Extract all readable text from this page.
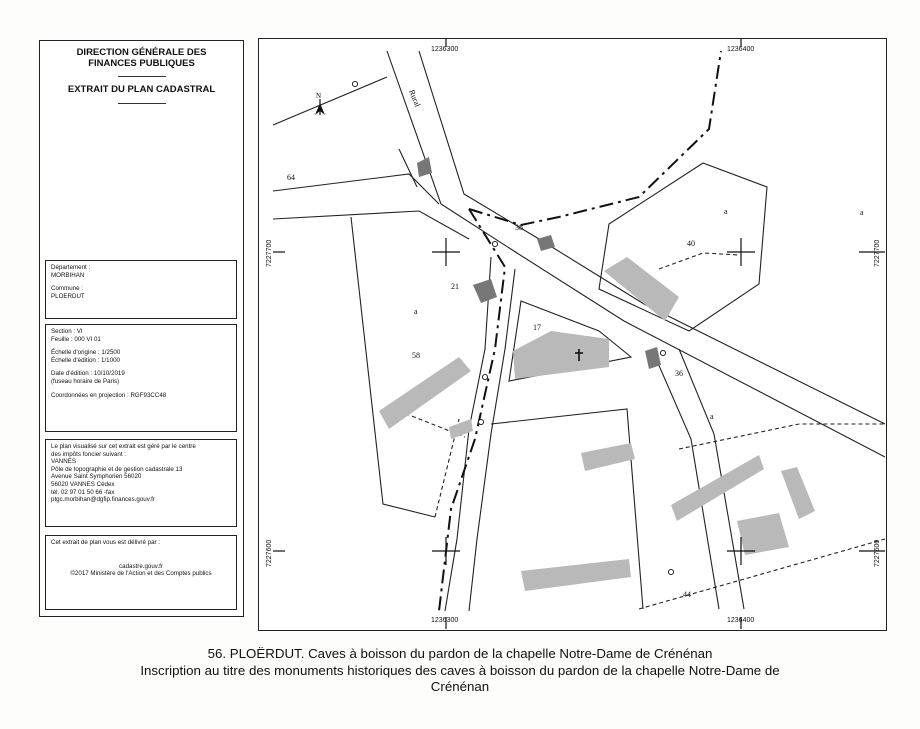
DIRECTION GÉNÉRALE DES
FINANCES PUBLIQUES
EXTRAIT DU PLAN CADASTRAL

Département :

MORBIHAN

Commune :

PLOERDUT

Section : VI

Feuille : 000 VI 01

Échelle d'origine : 1/2500

Échelle d'édition : 1/1000

Date d'édition : 10/10/2019

(fuseau horaire de Paris)

Coordonnées en projection : RGF93CC48

Le plan visualisé sur cet extrait est géré par le centre

des impôts foncier suivant :

VANNES

Pôle de topographie et de gestion cadastrale 13

Avenue Saint Symphorien 56020

56020 VANNES Cédex

tél. 02 97 01 50 66 -fax

ptgc.morbihan@dgfip.finances.gouv.fr

Cet extrait de plan vous est délivré par :

cadastre.gouv.fr

©2017 Ministère de l'Action et des Comptes publics

N
1236300	1236400
1236300	1236400
7227700
7227600
7227700
7227600
Rural
64
38
40
21
17
58
36
44
a
a	a
a

56. PLOËRDUT. Caves à boisson du pardon de la chapelle Notre-Dame de Crénénan

Inscription au titre des monuments historiques des caves à boisson du pardon de la chapelle Notre-Dame de

Crénénan
